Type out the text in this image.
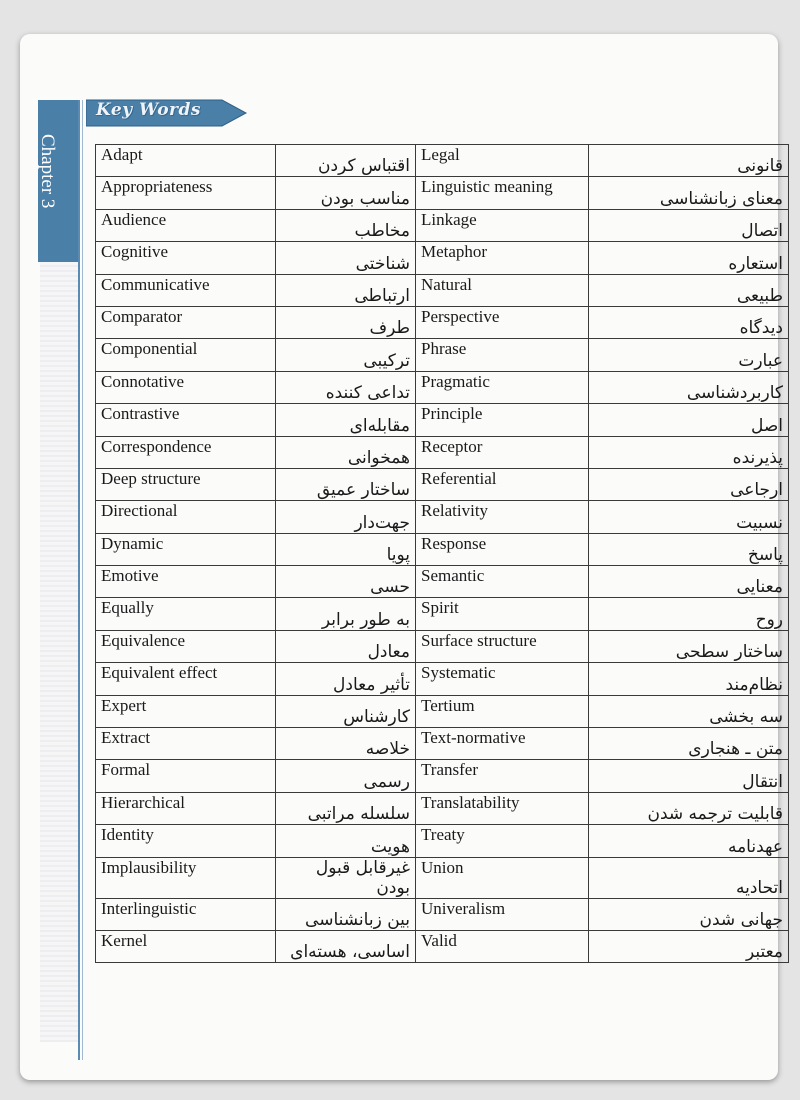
Chapter 3
Key Words
Adapt	اقتباس کردن	Legal	قانونی
Appropriateness	مناسب بودن	Linguistic meaning	معنای زبانشناسی
Audience	مخاطب	Linkage	اتصال
Cognitive	شناختی	Metaphor	استعاره
Communicative	ارتباطی	Natural	طبیعی
Comparator	طرف	Perspective	دیدگاه
Componential	ترکیبی	Phrase	عبارت
Connotative	تداعی کننده	Pragmatic	کاربردشناسی
Contrastive	مقابله‌ای	Principle	اصل
Correspondence	همخوانی	Receptor	پذیرنده
Deep structure	ساختار عمیق	Referential	ارجاعی
Directional	جهت‌دار	Relativity	نسبیت
Dynamic	پویا	Response	پاسخ
Emotive	حسی	Semantic	معنایی
Equally	به طور برابر	Spirit	روح
Equivalence	معادل	Surface structure	ساختار سطحی
Equivalent effect	تأثیر معادل	Systematic	نظام‌مند
Expert	کارشناس	Tertium	سه بخشی
Extract	خلاصه	Text-normative	متن ـ هنجاری
Formal	رسمی	Transfer	انتقال
Hierarchical	سلسله مراتبی	Translatability	قابلیت ترجمه شدن
Identity	هویت	Treaty	عهدنامه
Implausibility	غیرقابل قبول بودن	Union	اتحادیه
Interlinguistic	بین زبانشناسی	Univeralism	جهانی شدن
Kernel	اساسی، هسته‌ای	Valid	معتبر
